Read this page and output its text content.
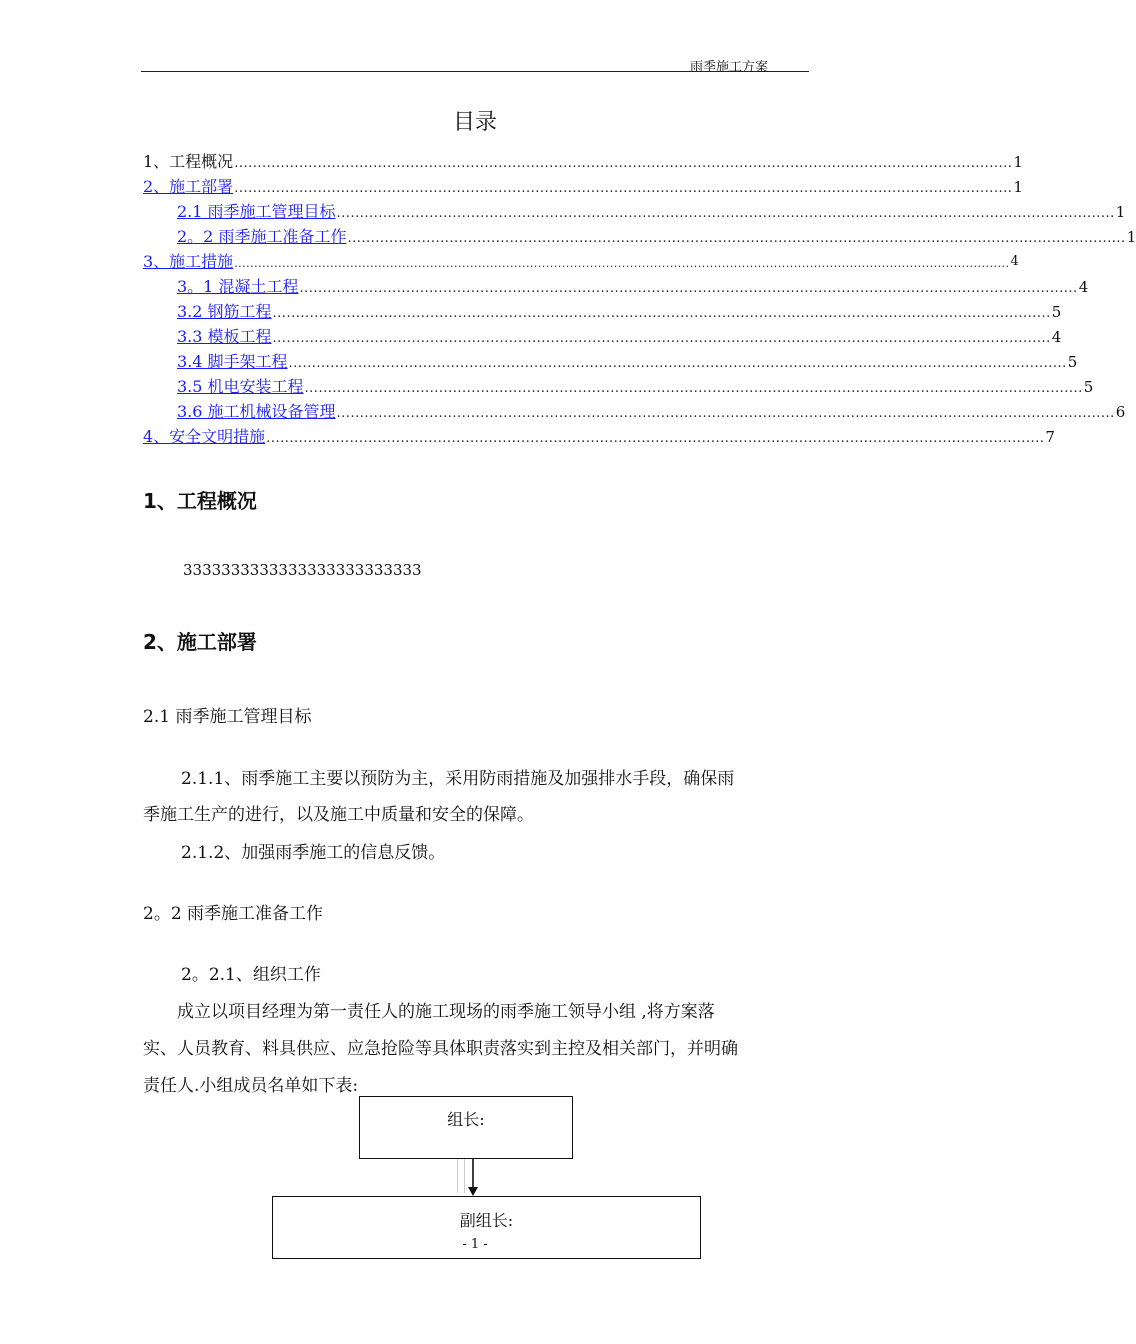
雨季施工方案
目录
1、工程概况 ........................................................................................................................................................................ 1
2、施工部署 ........................................................................................................................................................................ 1
2.1 雨季施工管理目标 ........................................................................................................................................................................ 1
2。2 雨季施工准备工作 ........................................................................................................................................................................ 1
3、施工措施 .................................................................................................................................................................................................. 4
3。1 混凝土工程 ........................................................................................................................................................................ 4
3.2 钢筋工程 ........................................................................................................................................................................ 5
3.3 模板工程 ........................................................................................................................................................................ 4
3.4 脚手架工程 ........................................................................................................................................................................ 5
3.5 机电安装工程 ........................................................................................................................................................................ 5
3.6 施工机械设备管理 ........................................................................................................................................................................ 6
4、安全文明措施 ........................................................................................................................................................................ 7
1、工程概况
3333333333333333333333333
2、施工部署
2.1 雨季施工管理目标
2.1.1、雨季施工主要以预防为主，采用防雨措施及加强排水手段，确保雨
季施工生产的进行，以及施工中质量和安全的保障。
2.1.2、加强雨季施工的信息反馈。
2。2 雨季施工准备工作
2。2.1、组织工作
成立以项目经理为第一责任人的施工现场的雨季施工领导小组 ,将方案落
实、人员教育、料具供应、应急抢险等具体职责落实到主控及相关部门，并明确
责任人.小组成员名单如下表:
组长:
副组长:
- 1 -
